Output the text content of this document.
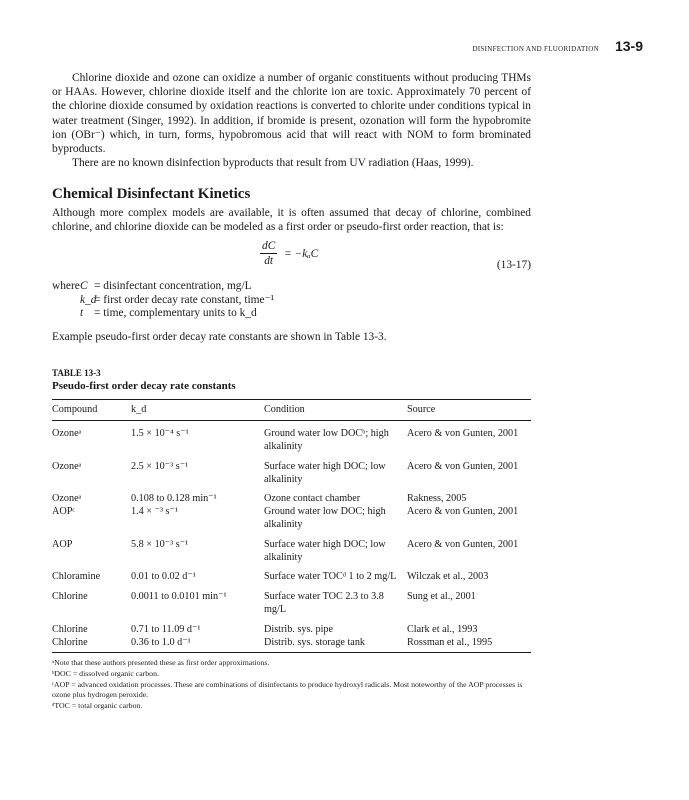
DISINFECTION AND FLUORIDATION 13-9

Chlorine dioxide and ozone can oxidize a number of organic constituents without producing THMs or HAAs. However, chlorine dioxide itself and the chlorite ion are toxic. Approximately 70 percent of the chlorine dioxide consumed by oxidation reactions is converted to chlorite under conditions typical in water treatment (Singer, 1992). In addition, if bromide is present, ozonation will form the hypobromite ion (OBr⁻) which, in turn, forms, hypobromous acid that will react with NOM to form brominated byproducts.

There are no known disinfection byproducts that result from UV radiation (Haas, 1999).

Chemical Disinfectant Kinetics

Although more complex models are available, it is often assumed that decay of chlorine, combined chlorine, and chlorine dioxide can be modeled as a first order or pseudo-first order reaction, that is:

$\frac{dC}{dt} = -k_aC$
(13-17)
where C = disinfectant concentration, mg/L
k_d
= first order decay rate constant, time⁻¹
t = time, complementary units to k_d

Example pseudo-first order decay rate constants are shown in Table 13-3.

TABLE 13-3
Pseudo-first order decay rate constants
Compound	k_d	Condition	Source
Ozoneᵃ	1.5 × 10⁻⁴ s⁻¹	Ground water low DOCᵇ; high alkalinity	Acero & von Gunten, 2001
Ozoneᵃ	2.5 × 10⁻³ s⁻¹	Surface water high DOC; low alkalinity	Acero & von Gunten, 2001
Ozoneᵃ	0.108 to 0.128 min⁻¹	Ozone contact chamber	Rakness, 2005
AOPᶜ	1.4 × ⁻³ s⁻¹	Ground water low DOC; high alkalinity	Acero & von Gunten, 2001
AOP	5.8 × 10⁻³ s⁻¹	Surface water high DOC; low alkalinity	Acero & von Gunten, 2001
Chloramine	0.01 to 0.02 d⁻¹	Surface water TOCᵈ 1 to 2 mg/L	Wilczak et al., 2003
Chlorine	0.0011 to 0.0101 min⁻¹	Surface water TOC 2.3 to 3.8 mg/L	Sung et al., 2001
Chlorine	0.71 to 11.09 d⁻¹	Distrib. sys. pipe	Clark et al., 1993
Chlorine	0.36 to 1.0 d⁻¹	Distrib. sys. storage tank	Rossman et al., 1995

ᵃNote that these authors presented these as first order approximations.

ᵇDOC = dissolved organic carbon.

ᶜAOP = advanced oxidation processes. These are combinations of disinfectants to produce hydroxyl radicals. Most noteworthy of the AOP processes is ozone plus hydrogen peroxide.

ᵈTOC = total organic carbon.
